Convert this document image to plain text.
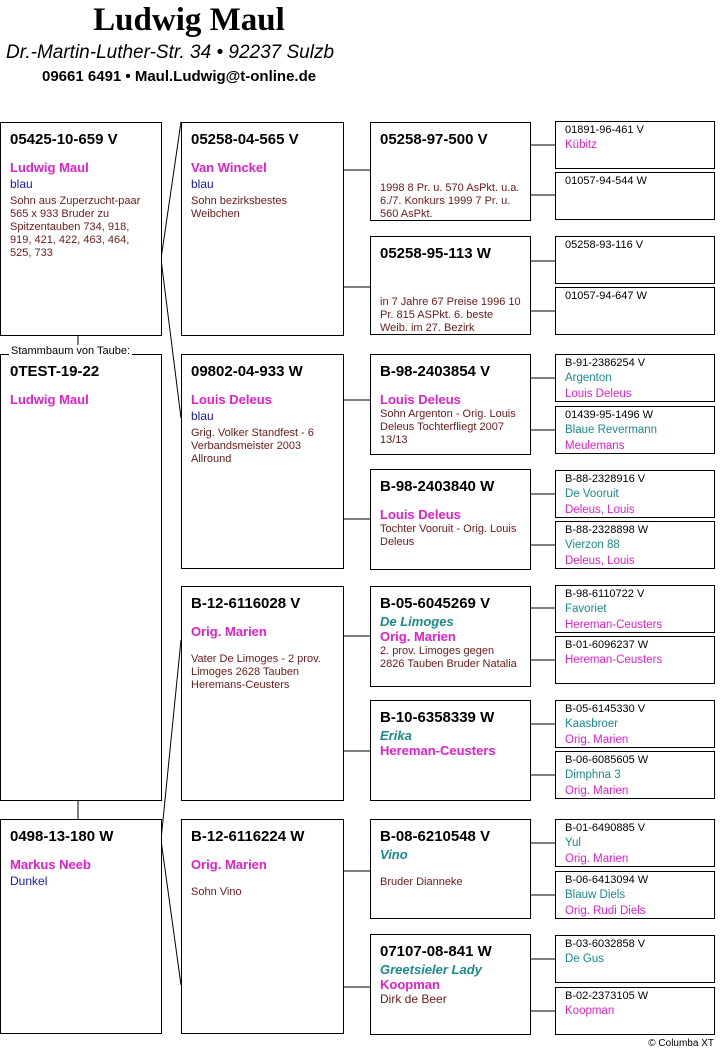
Ludwig Maul
Dr.-Martin-Luther-Str. 34 • 92237 Sulzb
09661 6491 • Maul.Ludwig@t-online.de
05425-10-659 V
Ludwig Maul
blau
Sohn aus Zuperzucht-paar 565 x 933 Bruder zu Spitzentauben 734, 918, 919, 421, 422, 463, 464, 525, 733
0TEST-19-22
Ludwig Maul
Stammbaum von Taube:
0498-13-180 W
Markus Neeb
Dunkel
05258-04-565 V
Van Winckel
blau
Sohn bezirksbestes Weibchen
09802-04-933 W
Louis Deleus
blau
Grig. Volker Standfest - 6 Verbandsmeister 2003 Allround
B-12-6116028 V
Orig. Marien
Vater De Limoges - 2 prov. Limoges 2628 Tauben Heremans-Ceusters
B-12-6116224 W
Orig. Marien
Sohn Vino
05258-97-500 V
1998 8 Pr. u. 570 AsPkt. u.a. 6./7. Konkurs 1999 7 Pr. u. 560 AsPkt.
05258-95-113 W
in 7 Jahre 67 Preise 1996 10 Pr. 815 ASPkt. 6. beste Weib. im 27. Bezirk
B-98-2403854 V
Louis Deleus
Sohn Argenton - Orig. Louis Deleus Tochterfliegt 2007 13/13
B-98-2403840 W
Louis Deleus
Tochter Vooruit - Orig. Louis Deleus
B-05-6045269 V
De Limoges
Orig. Marien
2. prov. Limoges gegen 2826 Tauben Bruder Natalia
B-10-6358339 W
Erika
Hereman-Ceusters
B-08-6210548 V
Vino
Bruder Dianneke
07107-08-841 W
Greetsieler Lady
Koopman
Dirk de Beer
01891-96-461 V
Kübitz
01057-94-544 W
05258-93-116 V
01057-94-647 W
B-91-2386254 V
Argenton
Louis Deleus
01439-95-1496 W
Blaue Revermann
Meulemans
B-88-2328916 V
De Vooruit
Deleus, Louis
B-88-2328898 W
Vierzon 88
Deleus, Louis
B-98-6110722 V
Favoriet
Hereman-Ceusters
B-01-6096237 W
Hereman-Ceusters
B-05-6145330 V
Kaasbroer
Orig. Marien
B-06-6085605 W
Dimphna 3
Orig. Marien
B-01-6490885 V
Yul
Orig. Marien
B-06-6413094 W
Blauw Diels
Orig. Rudi Diels
B-03-6032858 V
De Gus
B-02-2373105 W
Koopman
© Columba XT
